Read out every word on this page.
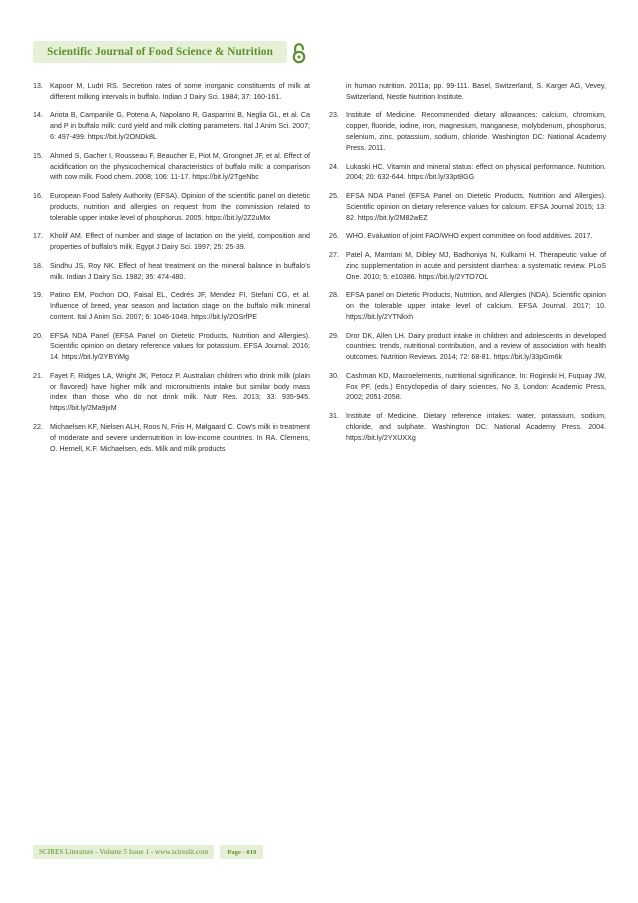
Scientific Journal of Food Science & Nutrition
13. Kapoor M, Ludri RS. Secretion rates of some inorganic constituents of milk at different milking intervals in buffalo. Indian J Dairy Sci. 1984; 37: 160-161.
14. Ariota B, Campanile G, Potena A, Napolano R, Gasparrini B, Neglia GL, et al. Ca and P in buffalo milk: curd yield and milk clotting parameters. Ital J Anim Sci. 2007; 6: 497-499. https://bit.ly/2ONDk8L
15. Ahmed S, Gacher I, Rousseau F, Beaucher E, Piot M, Grongnet JF, et al. Effect of acidification on the physicochemical characteristics of buffalo milk: a comparison with cow milk. Food chem. 2008; 106: 11-17. https://bit.ly/2TgeNbc
16. European Food Safety Authority (EFSA). Opinion of the scientific panel on dietetic products, nutrition and allergies on request from the commission related to tolerable upper intake level of phosphorus. 2005. https://bit.ly/2Z2uMix
17. Kholif AM. Effect of number and stage of lactation on the yield, composition and properties of buffalo's milk. Egypt J Dairy Sci. 1997; 25: 25-39.
18. Sindhu JS, Roy NK. Effect of heat treatment on the mineral balance in buffalo's milk. Indian J Dairy Sci. 1982; 35: 474-480.
19. Patino EM, Pochon DO, Faisal EL, Cedrés JF, Mendez FI, Stefani CG, et al. Influence of breed, year season and lactation stage on the buffalo milk mineral content. Ital J Anim Sci. 2007; 6: 1046-1049. https://bit.ly/2OSrfPE
20. EFSA NDA Panel (EFSA Panel on Dietetic Products, Nutrition and Allergies). Scientific opinion on dietary reference values for potassium. EFSA Journal. 2016; 14. https://bit.ly/2YBYiMg
21. Fayet F, Ridges LA, Wright JK, Petocz P. Australian children who drink milk (plain or flavored) have higher milk and micronutrients intake but similar body mass index than those who do not drink milk. Nutr Res. 2013; 33: 935-945. https://bit.ly/2Ma9jxM
22. Michaelsen KF, Nielsen ALH, Roos N, Friis H, Mølgaard C. Cow's milk in treatment of moderate and severe undernutrition in low-income countries. In RA. Clemens, O. Hernell, K.F. Michaelsen, eds. Milk and milk products
in human nutrition. 2011a; pp. 99-111. Basel, Switzerland, S. Karger AG, Vevey, Switzerland, Nestle Nutrition Institute.
23. Institute of Medicine. Recommended dietary allowances: calcium, chromium, copper, fluoride, iodine, iron, magnesium, manganese, molybdenum, phosphorus, selenium, zinc, potassium, sodium, chloride. Washington DC: National Academy Press. 2011.
24. Lukaski HC. Vitamin and mineral status: effect on physical performance. Nutrition. 2004; 20: 632-644. https://bit.ly/33pt8GG
25. EFSA NDA Panel (EFSA Panel on Dietetic Products, Nutrition and Allergies). Scientific opinion on dietary reference values for calcium. EFSA Journal 2015; 13: 82. https://bit.ly/2M82wEZ
26. WHO. Evaluation of joint FAO/WHO expert committee on food additives. 2017.
27. Patel A, Mamtani M, Dibley MJ, Badhoniya N, Kulkarni H. Therapeutic value of zinc supplementation in acute and persistent diarrhea: a systematic review. PLoS One. 2010; 5: e10386. https://bit.ly/2YTO7OL
28. EFSA panel on Dietetic Products, Nutrition, and Allergies (NDA). Scientific opinion on the tolerable upper intake level of calcium. EFSA Journal. 2017; 10. https://bit.ly/2YTNkxh
29. Dror DK, Allen LH. Dairy product intake in children and adolescents in developed countries: trends, nutritional contribution, and a review of association with health outcomes. Nutrition Reviews. 2014; 72: 68-81. https://bit.ly/33pGm6k
30. Cashman KD, Macroelements, nutritional significance. In: Roginski H, Fuquay JW, Fox PF. (eds.) Encyclopedia of dairy sciences, No 3, London: Academic Press, 2002; 2051-2058.
31. Institute of Medicine. Dietary reference intakes: water, potassium, sodium, chloride, and sulphate. Washington DC: National Academy Press. 2004. https://bit.ly/2YXUXXg
SCIRES Literature - Volume 5 Issue 1 - www.scireslit.com	Page - 019
